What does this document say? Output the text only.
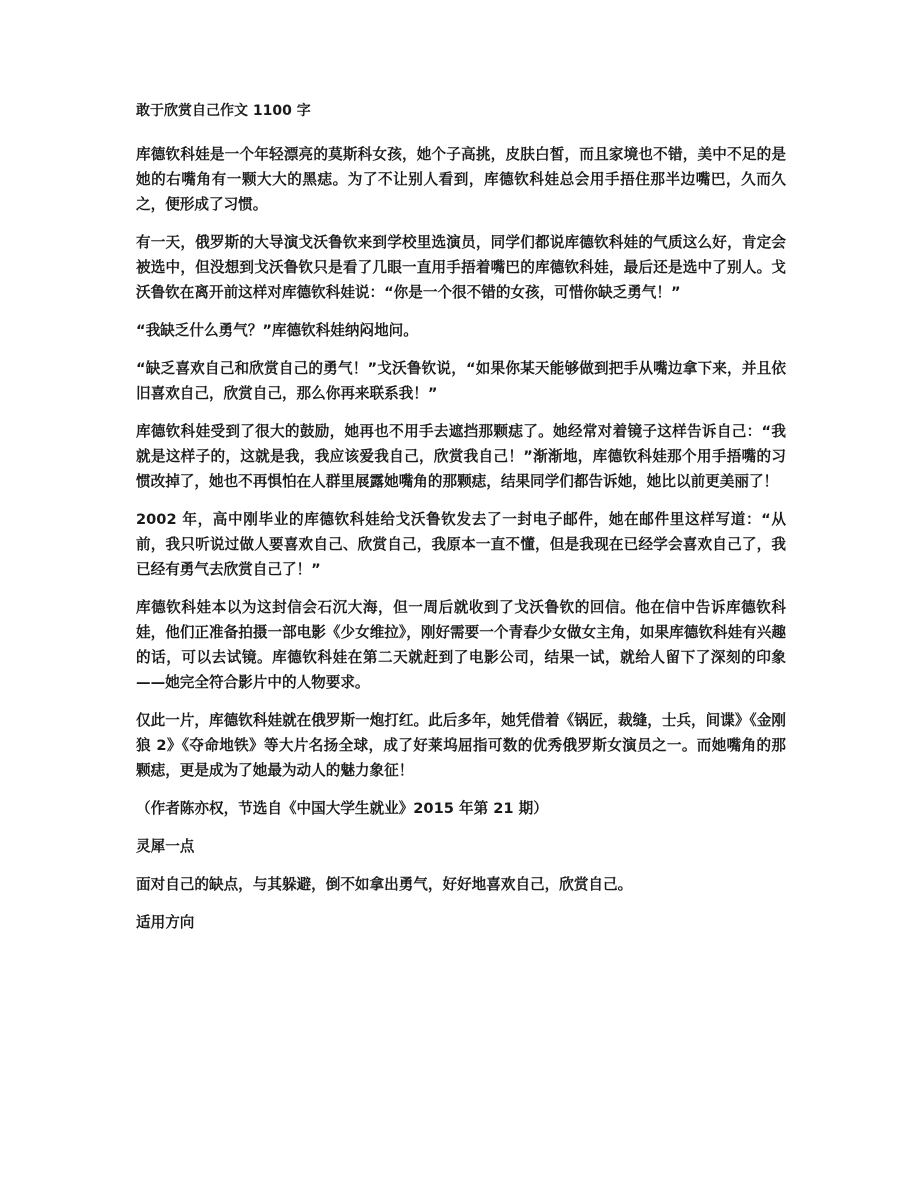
敢于欣赏自己作文 1100 字

库德钦科娃是一个年轻漂亮的莫斯科女孩，她个子高挑，皮肤白皙，而且家境也不错，美中不足的是她的右嘴角有一颗大大的黑痣。为了不让别人看到，库德钦科娃总会用手捂住那半边嘴巴，久而久之，便形成了习惯。

有一天，俄罗斯的大导演戈沃鲁钦来到学校里选演员，同学们都说库德钦科娃的气质这么好，肯定会被选中，但没想到戈沃鲁钦只是看了几眼一直用手捂着嘴巴的库德钦科娃，最后还是选中了别人。戈沃鲁钦在离开前这样对库德钦科娃说：“你是一个很不错的女孩，可惜你缺乏勇气！”

“我缺乏什么勇气？”库德钦科娃纳闷地问。

“缺乏喜欢自己和欣赏自己的勇气！”戈沃鲁钦说，“如果你某天能够做到把手从嘴边拿下来，并且依旧喜欢自己，欣赏自己，那么你再来联系我！”

库德钦科娃受到了很大的鼓励，她再也不用手去遮挡那颗痣了。她经常对着镜子这样告诉自己：“我就是这样子的，这就是我，我应该爱我自己，欣赏我自己！”渐渐地，库德钦科娃那个用手捂嘴的习惯改掉了，她也不再惧怕在人群里展露她嘴角的那颗痣，结果同学们都告诉她，她比以前更美丽了！

2002 年，高中刚毕业的库德钦科娃给戈沃鲁钦发去了一封电子邮件，她在邮件里这样写道：“从前，我只听说过做人要喜欢自己、欣赏自己，我原本一直不懂，但是我现在已经学会喜欢自己了，我已经有勇气去欣赏自己了！”

库德钦科娃本以为这封信会石沉大海，但一周后就收到了戈沃鲁钦的回信。他在信中告诉库德钦科娃，他们正准备拍摄一部电影《少女维拉》，刚好需要一个青春少女做女主角，如果库德钦科娃有兴趣的话，可以去试镜。库德钦科娃在第二天就赶到了电影公司，结果一试，就给人留下了深刻的印象——她完全符合影片中的人物要求。

仅此一片，库德钦科娃就在俄罗斯一炮打红。此后多年，她凭借着《锅匠，裁缝，士兵，间谍》《金刚狼 2》《夺命地铁》等大片名扬全球，成了好莱坞屈指可数的优秀俄罗斯女演员之一。而她嘴角的那颗痣，更是成为了她最为动人的魅力象征！

（作者陈亦权，节选自《中国大学生就业》2015 年第 21 期）

灵犀一点

面对自己的缺点，与其躲避，倒不如拿出勇气，好好地喜欢自己，欣赏自己。

适用方向
